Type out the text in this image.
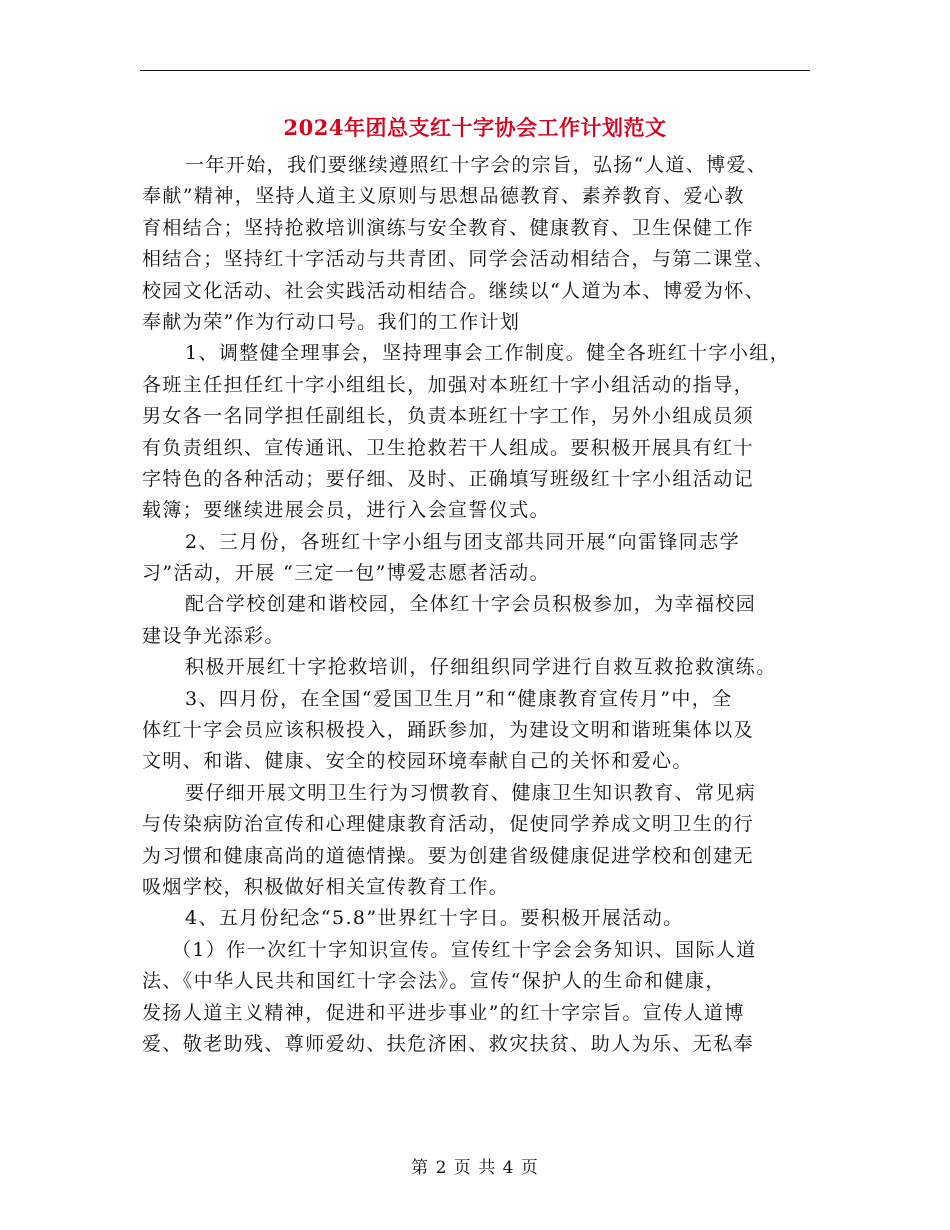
2024年团总支红十字协会工作计划范文
一年开始，我们要继续遵照红十字会的宗旨，弘扬“人道、博爱、
奉献”精神，坚持人道主义原则与思想品德教育、素养教育、爱心教
育相结合；坚持抢救培训演练与安全教育、健康教育、卫生保健工作
相结合；坚持红十字活动与共青团、同学会活动相结合，与第二课堂、
校园文化活动、社会实践活动相结合。继续以“人道为本、博爱为怀、
奉献为荣”作为行动口号。我们的工作计划
1、调整健全理事会，坚持理事会工作制度。健全各班红十字小组，
各班主任担任红十字小组组长，加强对本班红十字小组活动的指导，
男女各一名同学担任副组长，负责本班红十字工作，另外小组成员须
有负责组织、宣传通讯、卫生抢救若干人组成。要积极开展具有红十
字特色的各种活动；要仔细、及时、正确填写班级红十字小组活动记
载簿；要继续进展会员，进行入会宣誓仪式。
2、三月份，各班红十字小组与团支部共同开展“向雷锋同志学
习”活动，开展 “三定一包”博爱志愿者活动。
配合学校创建和谐校园，全体红十字会员积极参加，为幸福校园
建设争光添彩。
积极开展红十字抢救培训，仔细组织同学进行自救互救抢救演练。
3、四月份，在全国“爱国卫生月”和“健康教育宣传月”中，全
体红十字会员应该积极投入，踊跃参加，为建设文明和谐班集体以及
文明、和谐、健康、安全的校园环境奉献自己的关怀和爱心。
要仔细开展文明卫生行为习惯教育、健康卫生知识教育、常见病
与传染病防治宣传和心理健康教育活动，促使同学养成文明卫生的行
为习惯和健康高尚的道德情操。要为创建省级健康促进学校和创建无
吸烟学校，积极做好相关宣传教育工作。
4、五月份纪念“5.8”世界红十字日。要积极开展活动。
（1）作一次红十字知识宣传。宣传红十字会会务知识、国际人道
法、《中华人民共和国红十字会法》。宣传“保护人的生命和健康，
发扬人道主义精神，促进和平进步事业”的红十字宗旨。宣传人道博
爱、敬老助残、尊师爱幼、扶危济困、救灾扶贫、助人为乐、无私奉
第 2 页 共 4 页
